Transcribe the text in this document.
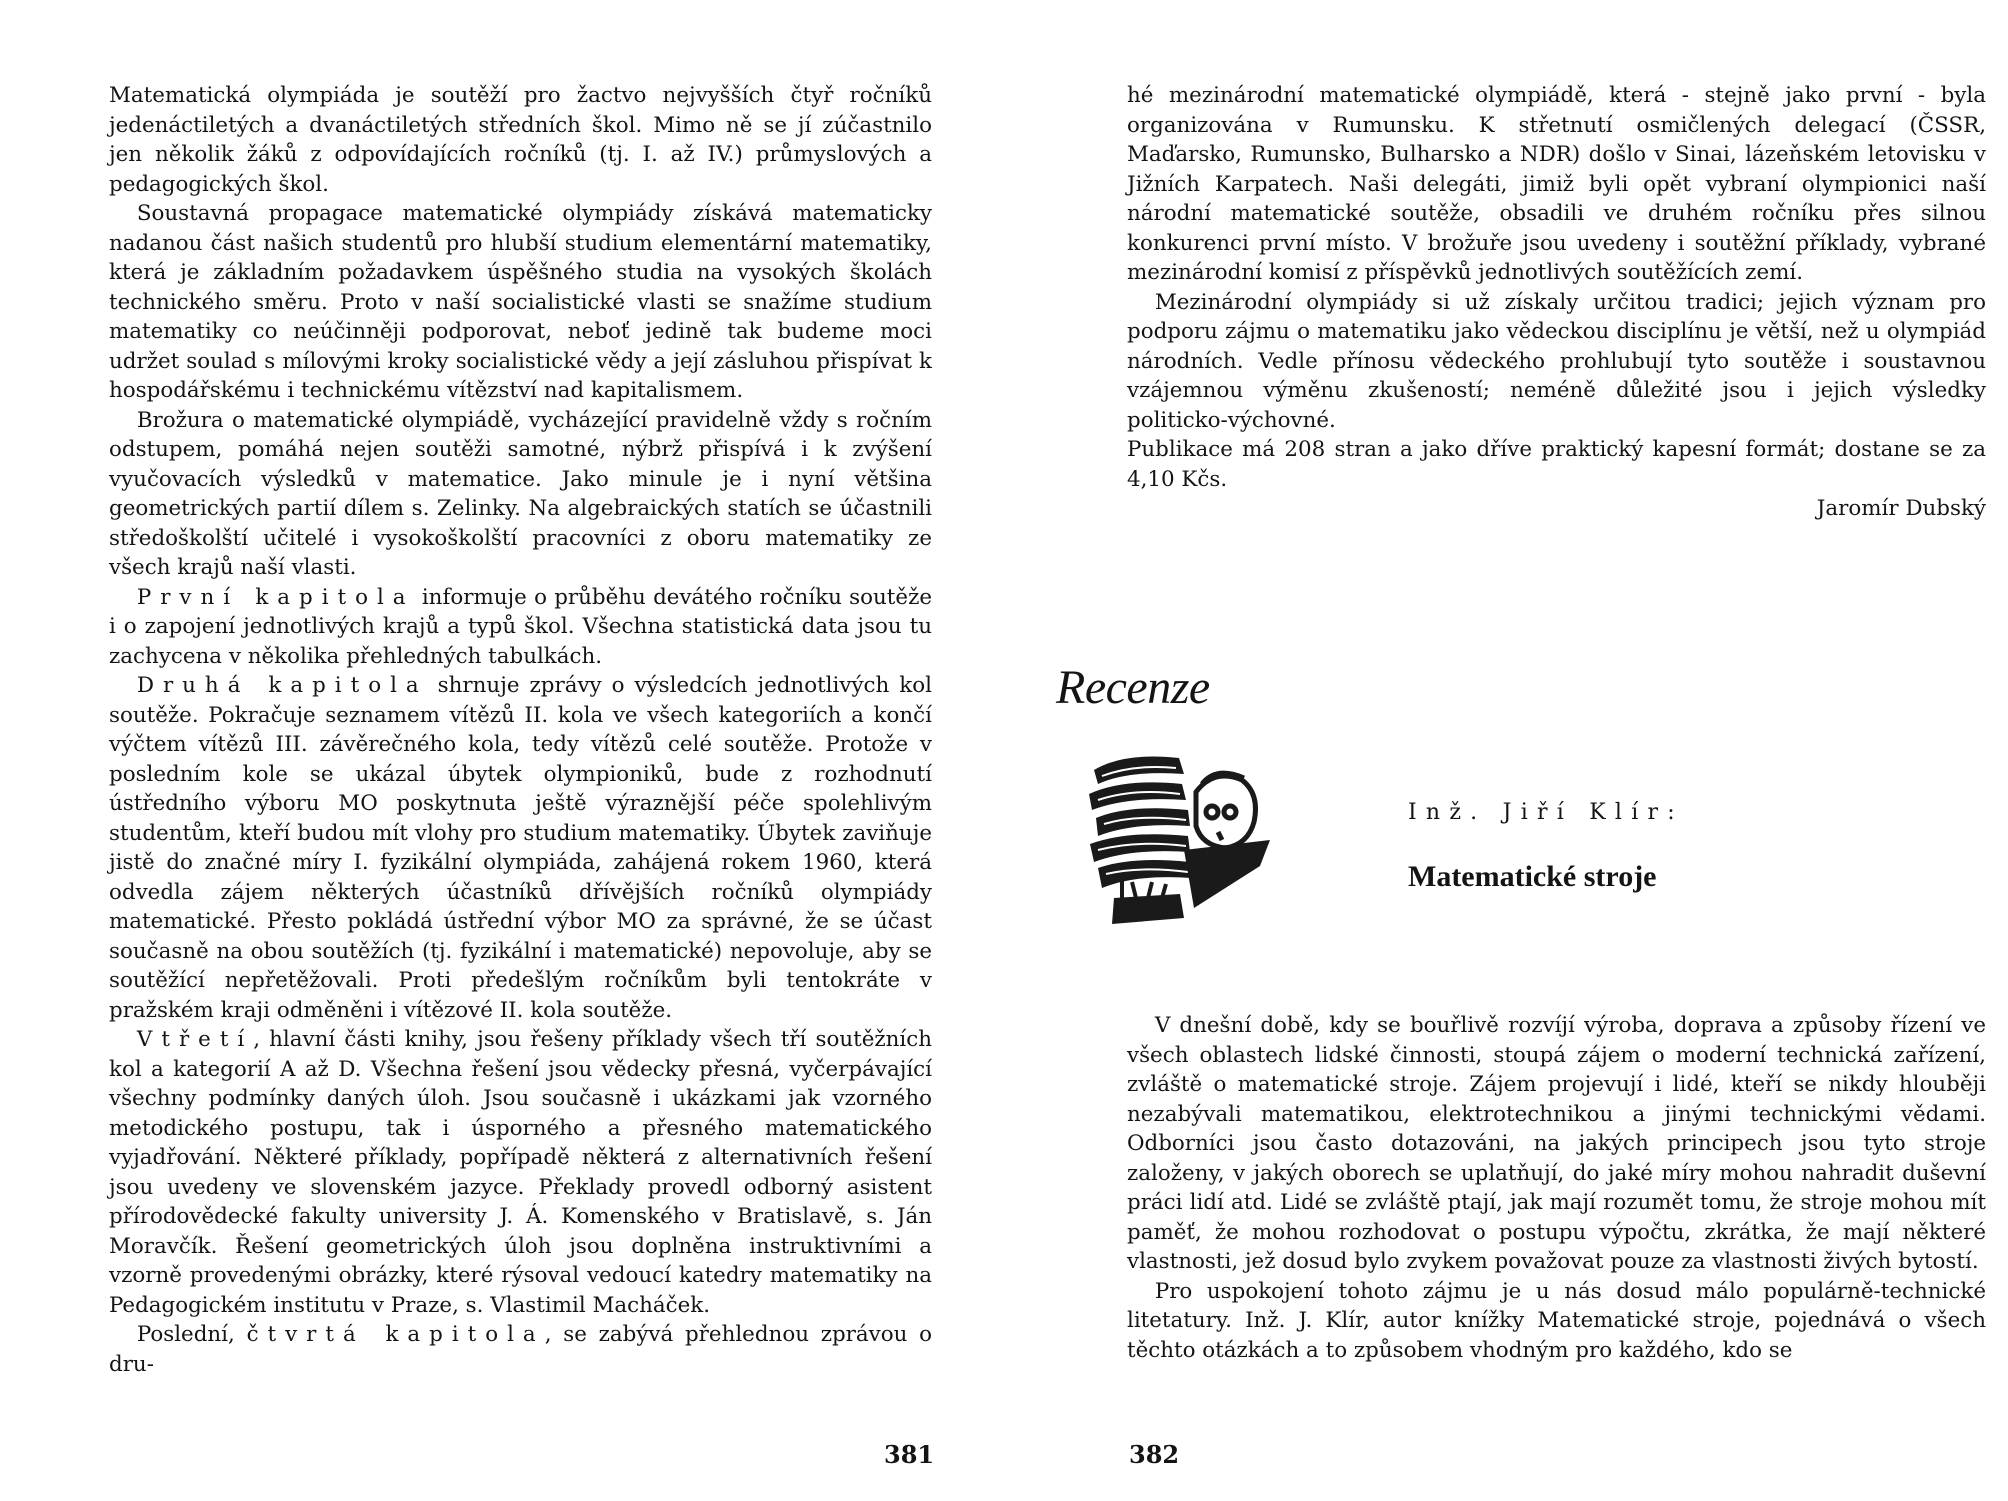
Matematická olympiáda je soutěží pro žactvo nejvyšších čtyř ročníků jedenáctiletých a dvanáctiletých středních škol. Mimo ně se jí zúčastnilo jen několik žáků z odpovídajících ročníků (tj. I. až IV.) průmyslových a pedagogických škol.

Soustavná propagace matematické olympiády získává matematicky nadanou část našich studentů pro hlubší studium elementární matematiky, která je základním požadavkem úspěšného studia na vysokých školách technického směru. Proto v naší socialistické vlasti se snažíme studium matematiky co neúčinněji podporovat, neboť jedině tak budeme moci udržet soulad s mílovými kroky socialistické vědy a její zásluhou přispívat k hospodářskému i technickému vítězství nad kapitalismem.

Brožura o matematické olympiádě, vycházející pravidelně vždy s ročním odstupem, pomáhá nejen soutěži samotné, nýbrž přispívá i k zvýšení vyučovacích výsledků v matematice. Jako minule je i nyní většina geometrických partií dílem s. Zelinky. Na algebraických statích se účastnili středoškolští učitelé i vysokoškolští pracovníci z oboru matematiky ze všech krajů naší vlasti.

První kapitola informuje o průběhu devátého ročníku soutěže i o zapojení jednotlivých krajů a typů škol. Všechna statistická data jsou tu zachycena v několika přehledných tabulkách.

Druhá kapitola shrnuje zprávy o výsledcích jednotlivých kol soutěže. Pokračuje seznamem vítězů II. kola ve všech kategoriích a končí výčtem vítězů III. závěrečného kola, tedy vítězů celé soutěže. Protože v posledním kole se ukázal úbytek olympioniků, bude z rozhodnutí ústředního výboru MO poskytnuta ještě výraznější péče spolehlivým studentům, kteří budou mít vlohy pro studium matematiky. Úbytek zaviňuje jistě do značné míry I. fyzikální olympiáda, zahájená rokem 1960, která odvedla zájem některých účastníků dřívějších ročníků olympiády matematické. Přesto pokládá ústřední výbor MO za správné, že se účast současně na obou soutěžích (tj. fyzikální i matematické) nepovoluje, aby se soutěžící nepřetěžovali. Proti předešlým ročníkům byli tentokráte v pražském kraji odměněni i vítězové II. kola soutěže.

V třetí, hlavní části knihy, jsou řešeny příklady všech tří soutěžních kol a kategorií A až D. Všechna řešení jsou vědecky přesná, vyčerpávající všechny podmínky daných úloh. Jsou současně i ukázkami jak vzorného metodického postupu, tak i úsporného a přesného matematického vyjadřování. Některé příklady, popřípadě některá z alternativních řešení jsou uvedeny ve slovenském jazyce. Překlady provedl odborný asistent přírodovědecké fakulty university J. Á. Komenského v Bratislavě, s. Ján Moravčík. Řešení geometrických úloh jsou doplněna instruktivními a vzorně provedenými obrázky, které rýsoval vedoucí katedry matematiky na Pedagogickém institutu v Praze, s. Vlastimil Macháček.

Poslední, čtvrtá kapitola, se zabývá přehlednou zprávou o dru-

381

hé mezinárodní matematické olympiádě, která - stejně jako první - byla organizována v Rumunsku. K střetnutí osmičlených delegací (ČSSR, Maďarsko, Rumunsko, Bulharsko a NDR) došlo v Sinai, lázeňském letovisku v Jižních Karpatech. Naši delegáti, jimiž byli opět vybraní olympionici naší národní matematické soutěže, obsadili ve druhém ročníku přes silnou konkurenci první místo. V brožuře jsou uvedeny i soutěžní příklady, vybrané mezinárodní komisí z příspěvků jednotlivých soutěžících zemí.

Mezinárodní olympiády si už získaly určitou tradici; jejich význam pro podporu zájmu o matematiku jako vědeckou disciplínu je větší, než u olympiád národních. Vedle přínosu vědeckého prohlubují tyto soutěže i soustavnou vzájemnou výměnu zkušeností; neméně důležité jsou i jejich výsledky politicko-výchovné.

Publikace má 208 stran a jako dříve praktický kapesní formát; dostane se za 4,10 Kčs.

Jaromír Dubský

Recenze
Inž. Jiří Klír:
Matematické stroje

V dnešní době, kdy se bouřlivě rozvíjí výroba, doprava a způsoby řízení ve všech oblastech lidské činnosti, stoupá zájem o moderní technická zařízení, zvláště o matematické stroje. Zájem projevují i lidé, kteří se nikdy hlouběji nezabývali matematikou, elektrotechnikou a jinými technickými vědami. Odborníci jsou často dotazováni, na jakých principech jsou tyto stroje založeny, v jakých oborech se uplatňují, do jaké míry mohou nahradit duševní práci lidí atd. Lidé se zvláště ptají, jak mají rozumět tomu, že stroje mohou mít paměť, že mohou rozhodovat o postupu výpočtu, zkrátka, že mají některé vlastnosti, jež dosud bylo zvykem považovat pouze za vlastnosti živých bytostí.

Pro uspokojení tohoto zájmu je u nás dosud málo populárně-technické litetatury. Inž. J. Klír, autor knížky Matematické stroje, pojednává o všech těchto otázkách a to způsobem vhodným pro každého, kdo se

382
